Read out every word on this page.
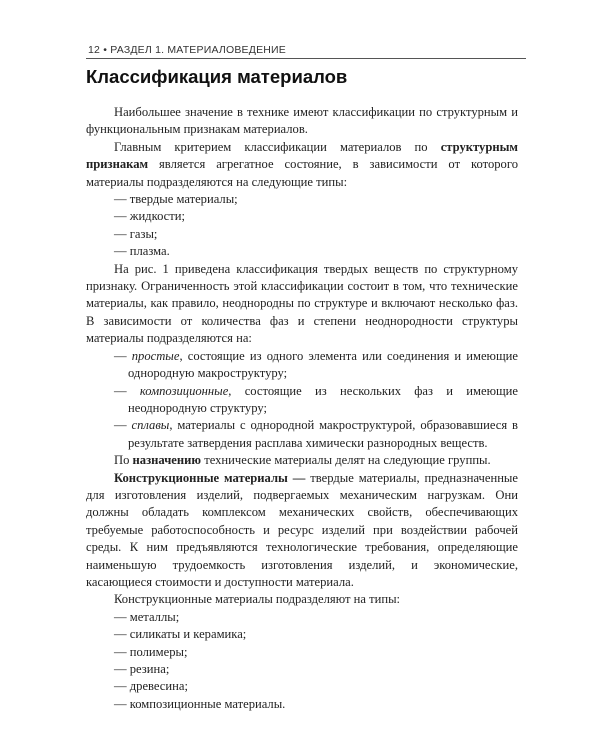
12 • РАЗДЕЛ 1. МАТЕРИАЛОВЕДЕНИЕ
Классификация материалов

Наибольшее значение в технике имеют классификации по структурным и функциональным признакам материалов.

Главным критерием классификации материалов по структурным признакам является агрегатное состояние, в зависимости от которого материалы подразделяются на следующие типы:

— твердые материалы;
— жидкости;
— газы;
— плазма.

На рис. 1 приведена классификация твердых веществ по структурному признаку. Ограниченность этой классификации состоит в том, что технические материалы, как правило, неоднородны по структуре и включают несколько фаз. В зависимости от количества фаз и степени неоднородности структуры материалы подразделяются на:

— простые, состоящие из одного элемента или соединения и имеющие однородную макроструктуру;
— композиционные, состоящие из нескольких фаз и имеющие неоднородную структуру;
— сплавы, материалы с однородной макроструктурой, образовавшиеся в результате затвердения расплава химически разнородных веществ.

По назначению технические материалы делят на следующие группы.

Конструкционные материалы — твердые материалы, предназначенные для изготовления изделий, подвергаемых механическим нагрузкам. Они должны обладать комплексом механических свойств, обеспечивающих требуемые работоспособность и ресурс изделий при воздействии рабочей среды. К ним предъявляются технологические требования, определяющие наименьшую трудоемкость изготовления изделий, и экономические, касающиеся стоимости и доступности материала.

Конструкционные материалы подразделяют на типы:

— металлы;
— силикаты и керамика;
— полимеры;
— резина;
— древесина;
— композиционные материалы.
